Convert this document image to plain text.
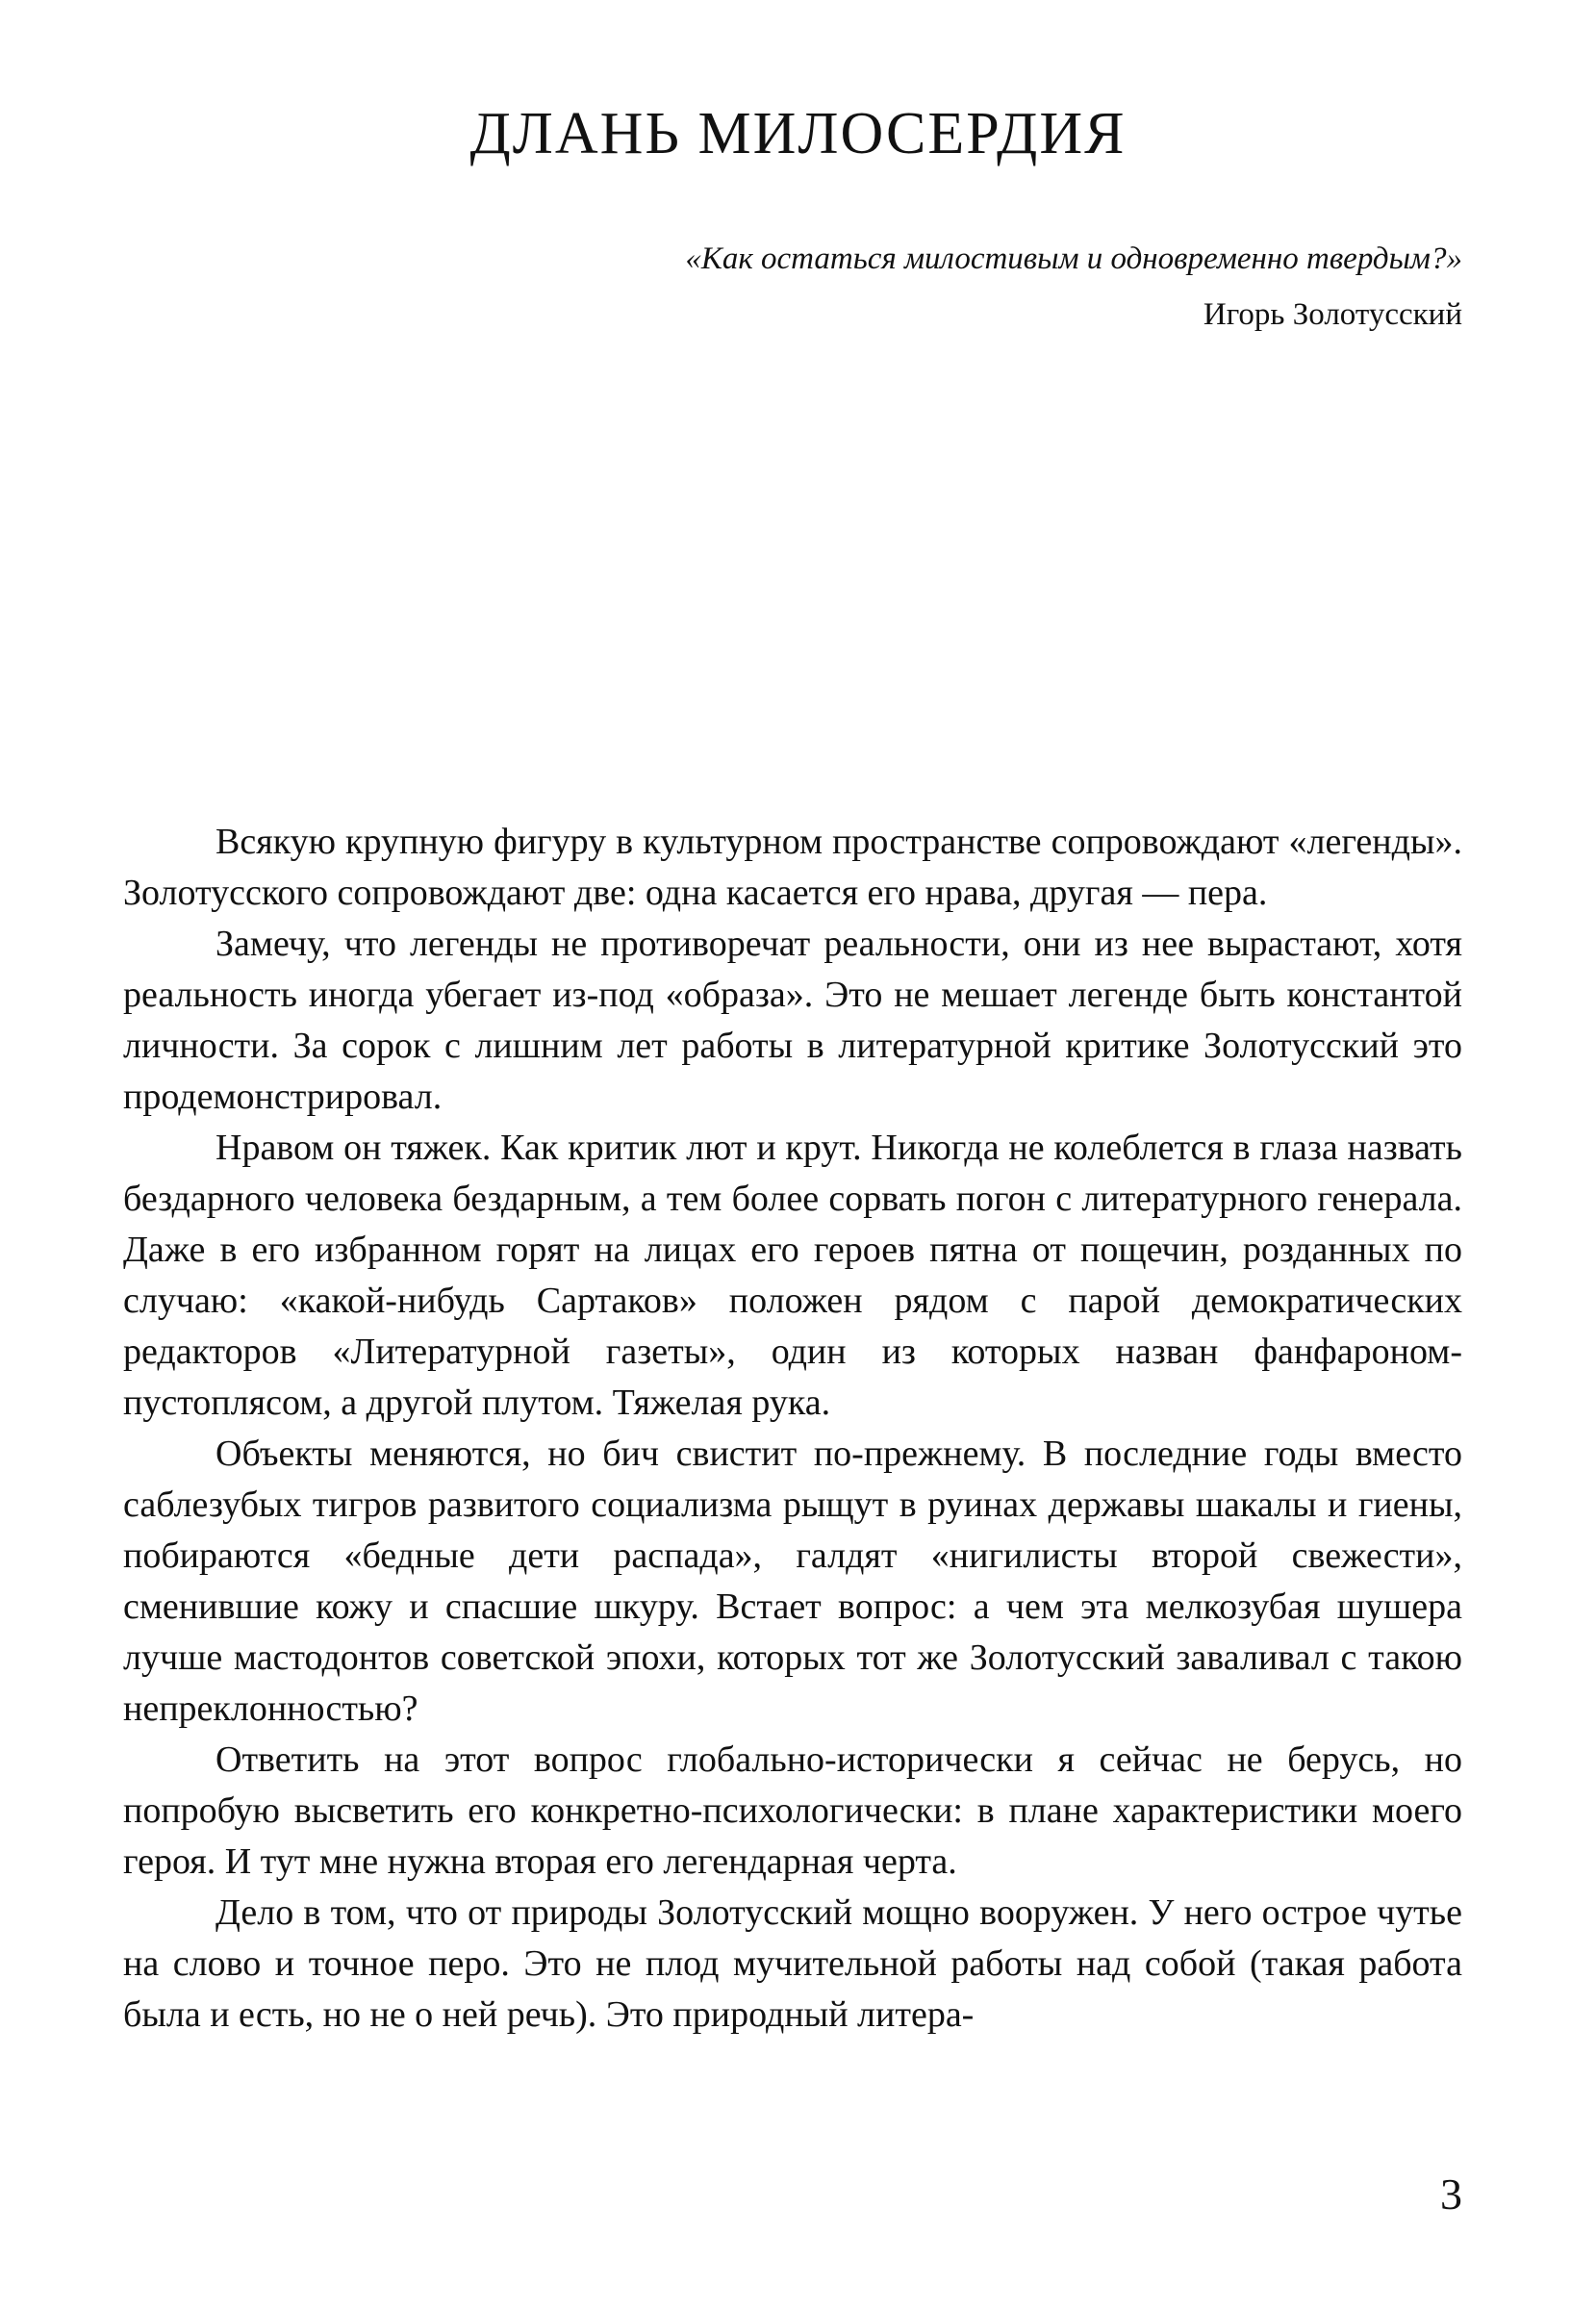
ДЛАНЬ МИЛОСЕРДИЯ
«Как остаться милостивым и одновременно твердым?»
Игорь Золотусский

Всякую крупную фигуру в культурном пространстве сопровождают «легенды». Золотусского сопровождают две: одна касается его нрава, другая — пера.

Замечу, что легенды не противоречат реальности, они из нее вырастают, хотя реальность иногда убегает из-под «образа». Это не мешает легенде быть константой личности. За сорок с лишним лет работы в литературной критике Золотусский это продемонстрировал.

Нравом он тяжек. Как критик лют и крут. Никогда не колеблется в глаза назвать бездарного человека бездарным, а тем более сорвать погон с литературного генерала. Даже в его избранном горят на лицах его героев пятна от пощечин, розданных по случаю: «какой-нибудь Сартаков» положен рядом с парой демократических редакторов «Литературной газеты», один из которых назван фанфароном-пустоплясом, а другой плутом. Тяжелая рука.

Объекты меняются, но бич свистит по-прежнему. В последние годы вместо саблезубых тигров развитого социализма рыщут в руинах державы шакалы и гиены, побираются «бедные дети распада», галдят «нигилисты второй свежести», сменившие кожу и спасшие шкуру. Встает вопрос: а чем эта мелкозубая шушера лучше мастодонтов советской эпохи, которых тот же Золотусский заваливал с такою непреклонностью?

Ответить на этот вопрос глобально-исторически я сейчас не берусь, но попробую высветить его конкретно-психологически: в плане характеристики моего героя. И тут мне нужна вторая его легендарная черта.

Дело в том, что от природы Золотусский мощно вооружен. У него острое чутье на слово и точное перо. Это не плод мучительной работы над собой (такая работа была и есть, но не о ней речь). Это природный литера-

3
